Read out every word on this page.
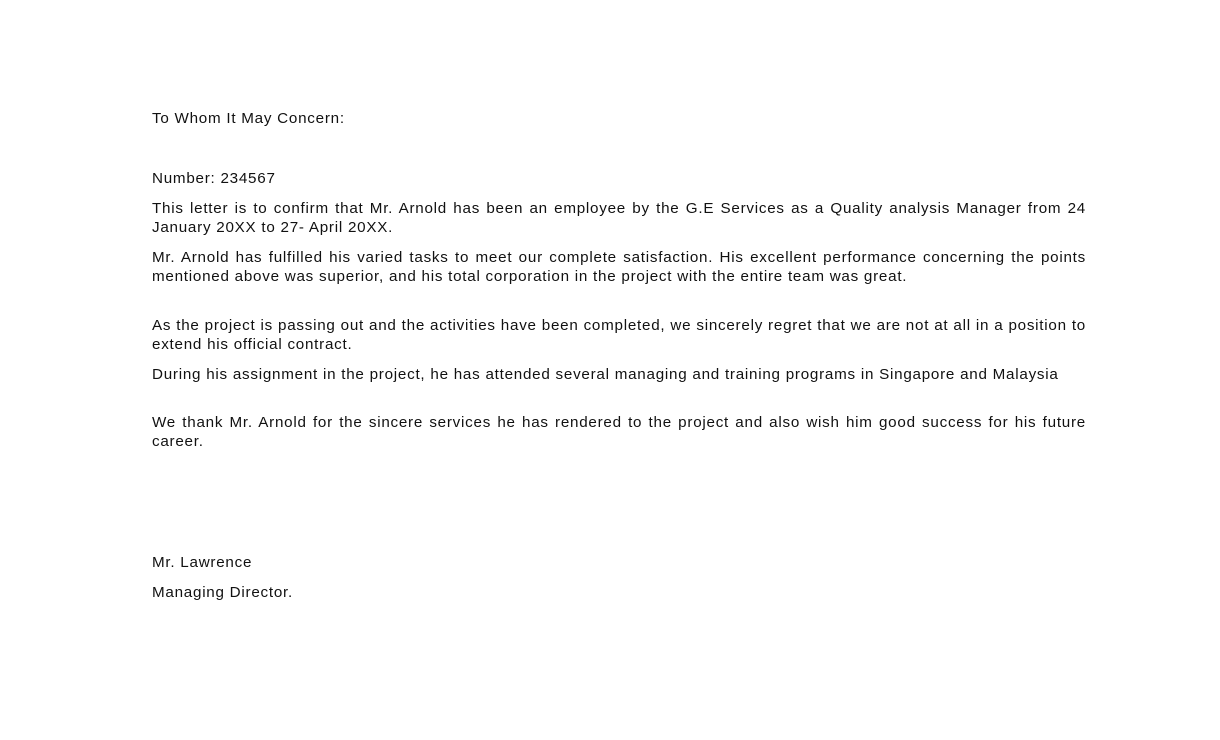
To Whom It May Concern:
Number: 234567

This letter is to confirm that Mr. Arnold has been an employee by the G.E Services as a Quality analysis Manager from 24 January 20XX to 27- April 20XX.

Mr. Arnold has fulfilled his varied tasks to meet our complete satisfaction. His excellent performance concerning the points mentioned above was superior, and his total corporation in the project with the entire team was great.

As the project is passing out and the activities have been completed, we sincerely regret that we are not at all in a position to extend his official contract.

During his assignment in the project, he has attended several managing and training programs in Singapore and Malaysia

We thank Mr. Arnold for the sincere services he has rendered to the project and also wish him good success for his future career.

Mr. Lawrence
Managing Director.
